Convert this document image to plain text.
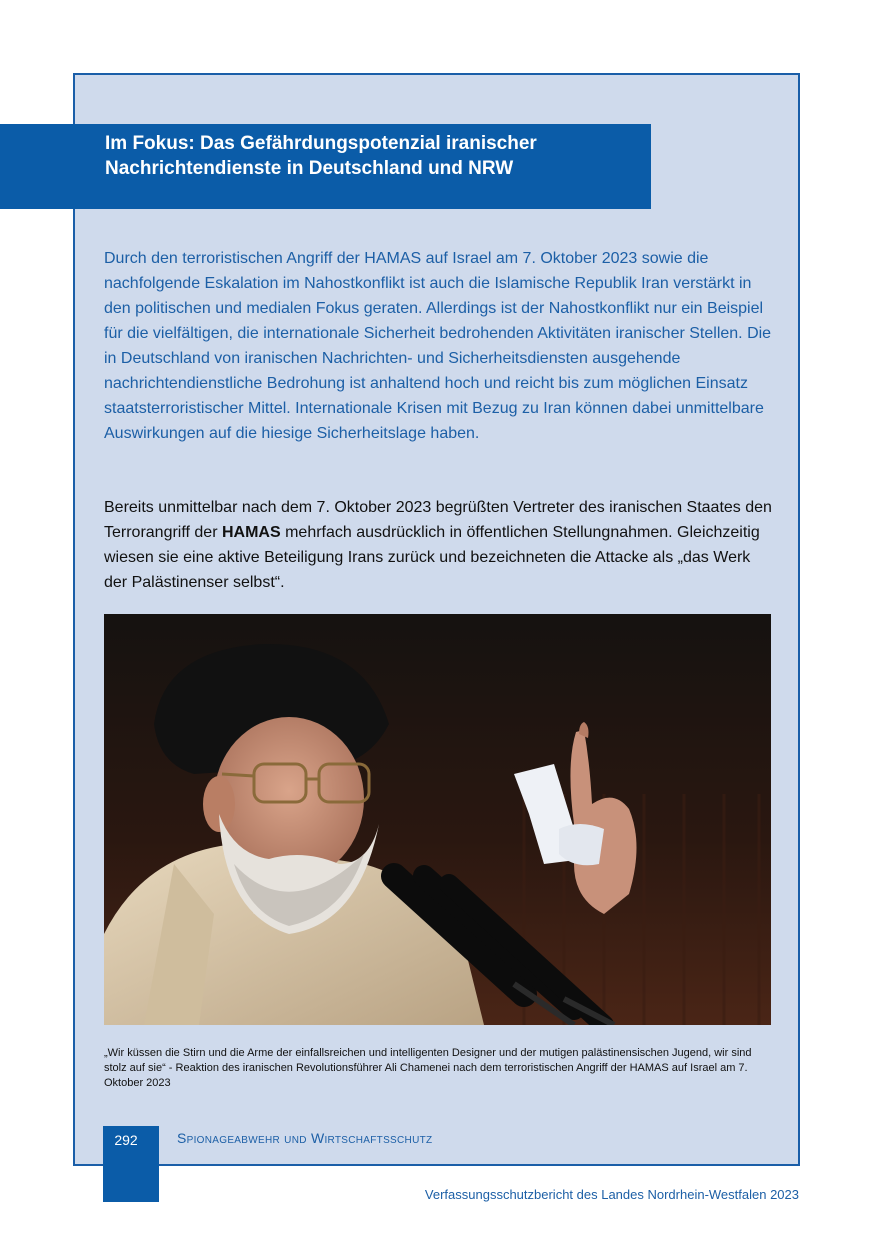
Im Fokus: Das Gefährdungspotenzial iranischer
Nachrichtendienste in Deutschland und NRW

Durch den terroristischen Angriff der HAMAS auf Israel am 7. Oktober 2023 sowie die nachfolgende Eskalation im Nahostkonflikt ist auch die Islamische Republik Iran verstärkt in den politischen und medialen Fokus geraten. Allerdings ist der Nahostkonflikt nur ein Beispiel für die vielfältigen, die internationale Sicherheit bedrohenden Aktivitäten iranischer Stellen. Die in Deutschland von iranischen Nachrichten- und Sicherheitsdiensten ausgehende nachrichtendienstliche Bedrohung ist anhaltend hoch und reicht bis zum möglichen Einsatz staatsterroristischer Mittel. Internationale Krisen mit Bezug zu Iran können dabei unmittelbare Auswirkungen auf die hiesige Sicherheitslage haben.

Bereits unmittelbar nach dem 7. Oktober 2023 begrüßten Vertreter des iranischen Staates den Terrorangriff der HAMAS mehrfach ausdrücklich in öffentlichen Stellungnahmen. Gleichzeitig wiesen sie eine aktive Beteiligung Irans zurück und bezeichneten die Attacke als „das Werk der Palästinenser selbst“.

„Wir küssen die Stirn und die Arme der einfallsreichen und intelligenten Designer und der mutigen palästinensischen Jugend, wir sind stolz auf sie“ - Reaktion des iranischen Revolutionsführer Ali Chamenei nach dem terroristischen Angriff der HAMAS auf Israel am 7. Oktober 2023

292	Spionageabwehr und Wirtschaftsschutz
Verfassungsschutzbericht des Landes Nordrhein-Westfalen 2023
